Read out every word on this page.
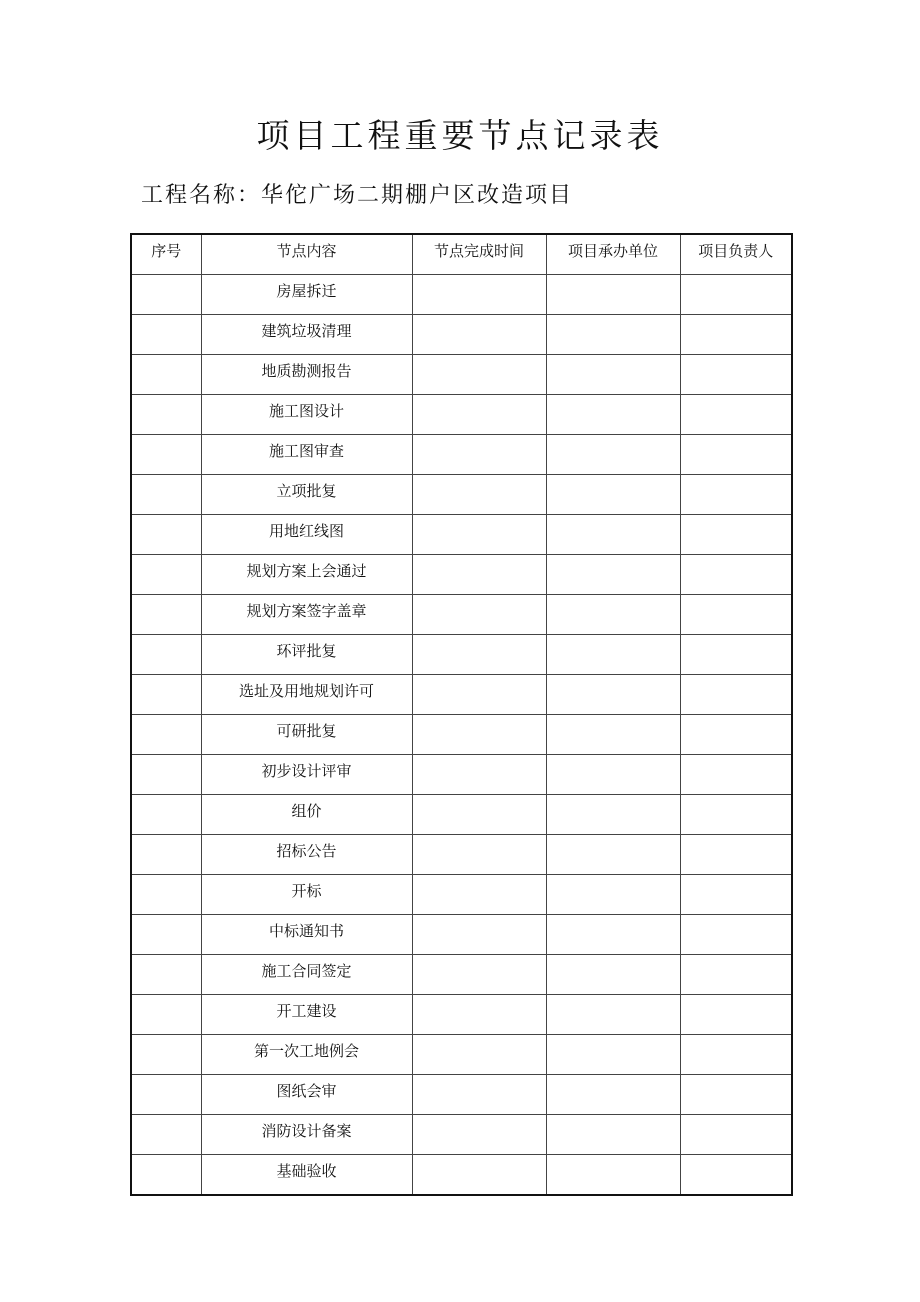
项目工程重要节点记录表
工程名称：华佗广场二期棚户区改造项目
序号	节点内容	节点完成时间	项目承办单位	项目负责人
	房屋拆迁			
	建筑垃圾清理			
	地质勘测报告			
	施工图设计			
	施工图审查			
	立项批复			
	用地红线图			
	规划方案上会通过			
	规划方案签字盖章			
	环评批复			
	选址及用地规划许可			
	可研批复			
	初步设计评审			
	组价			
	招标公告			
	开标			
	中标通知书			
	施工合同签定			
	开工建设			
	第一次工地例会			
	图纸会审			
	消防设计备案			
	基础验收			
